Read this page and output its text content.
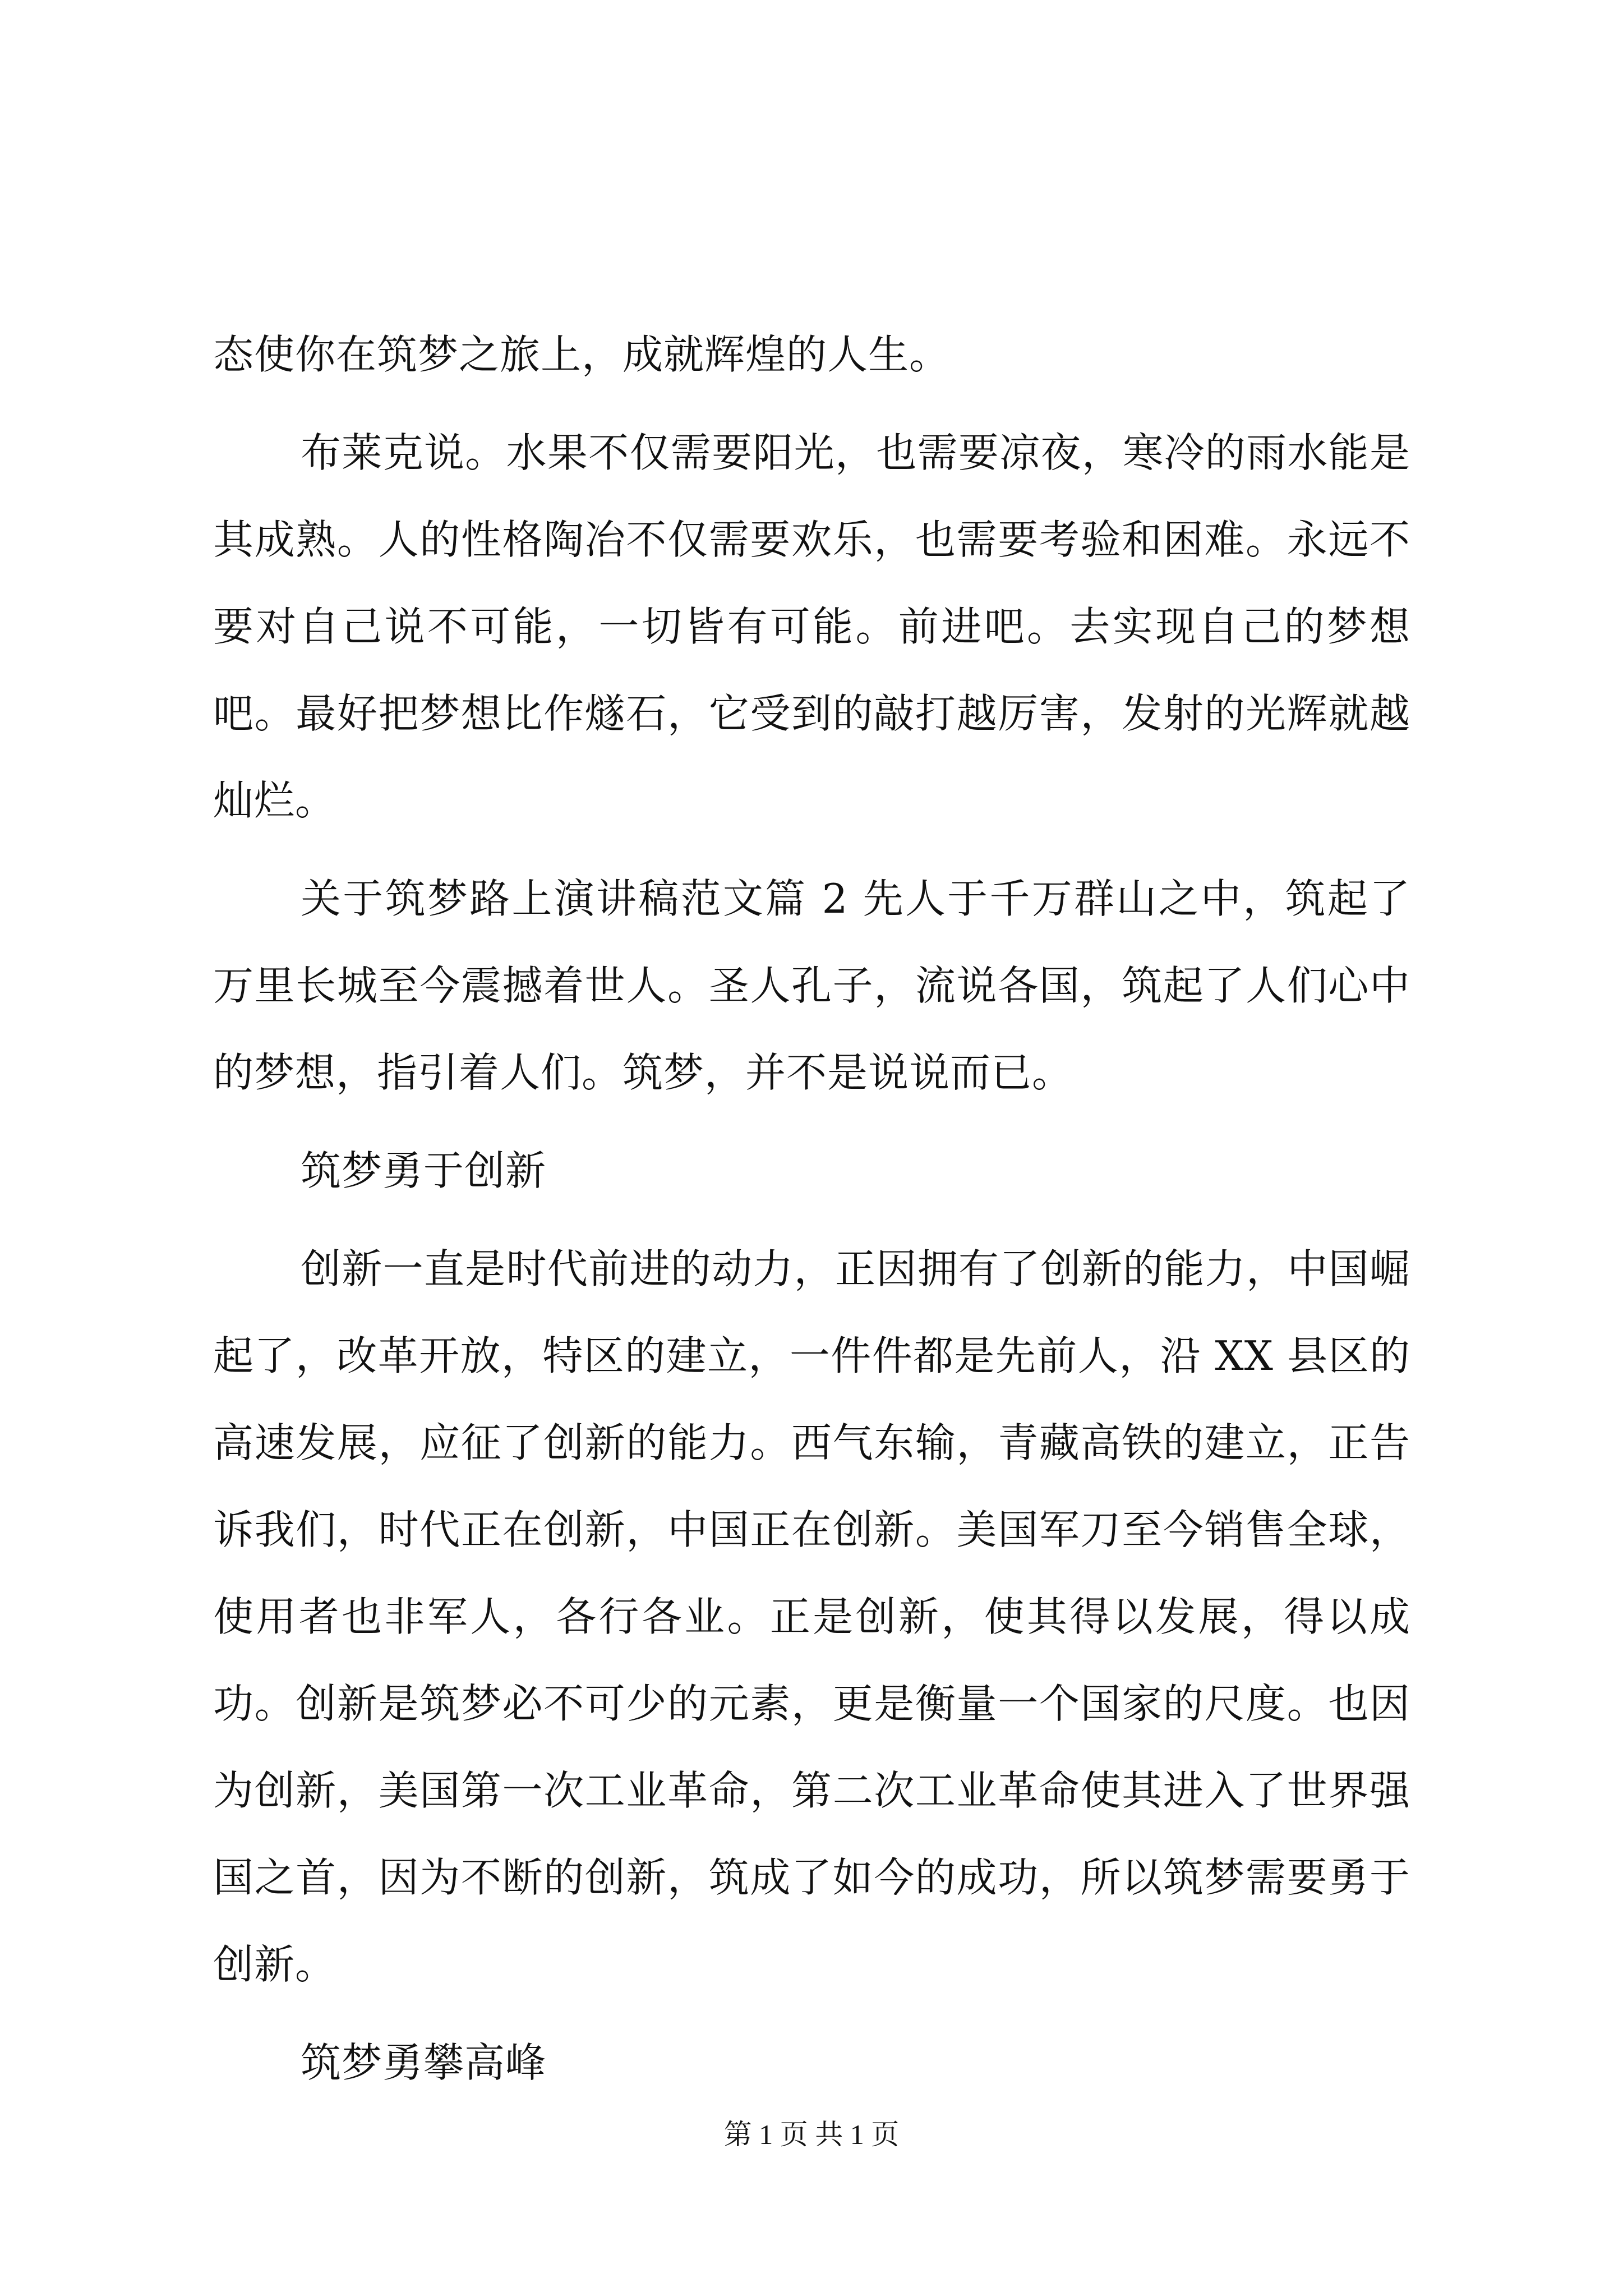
态使你在筑梦之旅上，成就辉煌的人生。

布莱克说。水果不仅需要阳光，也需要凉夜，寒冷的雨水能是其成熟。人的性格陶冶不仅需要欢乐，也需要考验和困难。永远不要对自己说不可能，一切皆有可能。前进吧。去实现自己的梦想吧。最好把梦想比作燧石，它受到的敲打越厉害，发射的光辉就越灿烂。

关于筑梦路上演讲稿范文篇 2 先人于千万群山之中，筑起了万里长城至今震撼着世人。圣人孔子，流说各国，筑起了人们心中的梦想，指引着人们。筑梦，并不是说说而已。

筑梦勇于创新

创新一直是时代前进的动力，正因拥有了创新的能力，中国崛起了，改革开放，特区的建立，一件件都是先前人，沿 XX 县区的高速发展，应征了创新的能力。西气东输，青藏高铁的建立，正告诉我们，时代正在创新，中国正在创新。美国军刀至今销售全球，使用者也非军人，各行各业。正是创新，使其得以发展，得以成功。创新是筑梦必不可少的元素，更是衡量一个国家的尺度。也因为创新，美国第一次工业革命，第二次工业革命使其进入了世界强国之首，因为不断的创新，筑成了如今的成功，所以筑梦需要勇于创新。

筑梦勇攀高峰

第 1 页 共 1 页
